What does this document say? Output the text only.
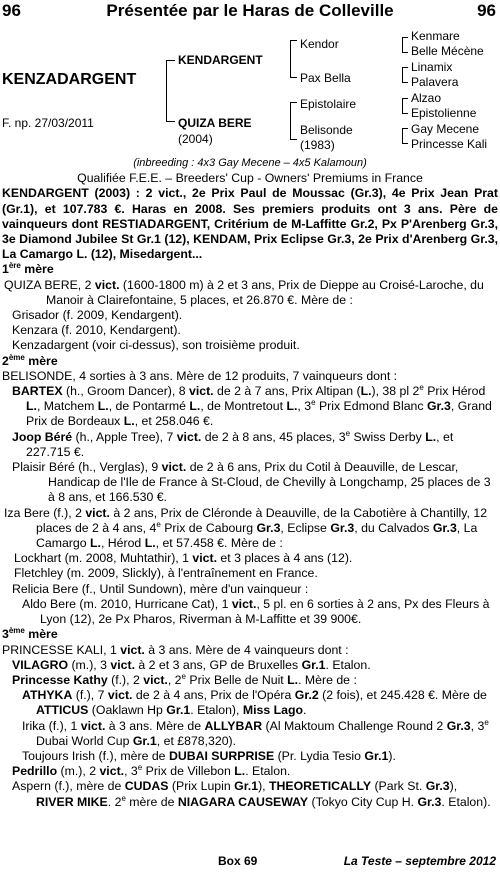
96	Présentée par le Haras de Colleville	96
KENZADARGENT
F. np. 27/03/2011
KENDARGENT
QUIZA BERE
(2004)
Kendor
Pax Bella
Epistolaire
Belisonde
(1983)
Kenmare
Belle Mécène
Linamix
Palavera
Alzao
Epistolienne
Gay Mecene
Princesse Kali

(inbreeding : 4x3 Gay Mecene – 4x5 Kalamoun)

Qualifiée F.E.E. – Breeders' Cup - Owners' Premiums in France

KENDARGENT (2003) : 2 vict., 2e Prix Paul de Moussac (Gr.3), 4e Prix Jean Prat (Gr.1), et 107.783 €. Haras en 2008. Ses premiers produits ont 3 ans. Père de vainqueurs dont RESTIADARGENT, Critérium de M-Laffitte Gr.2, Px P'Arenberg Gr.3, 3e Diamond Jubilee St Gr.1 (12), KENDAM, Prix Eclipse Gr.3, 2e Prix d'Arenberg Gr.3, La Camargo L. (12), Misedargent...

1ère mère

QUIZA BERE, 2 vict. (1600-1800 m) à 2 et 3 ans, Prix de Dieppe au Croisé-Laroche, du Manoir à Clairefontaine, 5 places, et 26.870 €. Mère de :

Grisador (f. 2009, Kendargent).

Kenzara (f. 2010, Kendargent).

Kenzadargent (voir ci-dessus), son troisième produit.

2ème mère

BELISONDE, 4 sorties à 3 ans. Mère de 12 produits, 7 vainqueurs dont :

BARTEX (h., Groom Dancer), 8 vict. de 2 à 7 ans, Prix Altipan (L.), 38 pl 2e Prix Hérod L., Matchem L., de Pontarmé L., de Montretout L., 3e Prix Edmond Blanc Gr.3, Grand Prix de Bordeaux L., et 258.046 €.

Joop Béré (h., Apple Tree), 7 vict. de 2 à 8 ans, 45 places, 3e Swiss Derby L., et 227.715 €.

Plaisir Béré (h., Verglas), 9 vict. de 2 à 6 ans, Prix du Cotil à Deauville, de Lescar, Handicap de l'Ile de France à St-Cloud, de Chevilly à Longchamp, 25 places de 3 à 8 ans, et 166.530 €.

Iza Bere (f.), 2 vict. à 2 ans, Prix de Cléronde à Deauville, de la Cabotière à Chantilly, 12 places de 2 à 4 ans, 4e Prix de Cabourg Gr.3, Eclipse Gr.3, du Calvados Gr.3, La Camargo L., Hérod L., et 57.458 €. Mère de :

Lockhart (m. 2008, Muhtathir), 1 vict. et 3 places à 4 ans (12).

Fletchley (m. 2009, Slickly), à l'entraînement en France.

Relicia Bere (f., Until Sundown), mère d'un vainqueur :

Aldo Bere (m. 2010, Hurricane Cat), 1 vict., 5 pl. en 6 sorties à 2 ans, Px des Fleurs à Lyon (12), 2e Px Pharos, Riverman à M-Laffitte et 39 900€.

3ème mère

PRINCESSE KALI, 1 vict. à 3 ans. Mère de 4 vainqueurs dont :

VILAGRO (m.), 3 vict. à 2 et 3 ans, GP de Bruxelles Gr.1. Etalon.

Princesse Kathy (f.), 2 vict., 2e Prix Belle de Nuit L.. Mère de :

ATHYKA (f.), 7 vict. de 2 à 4 ans, Prix de l'Opéra Gr.2 (2 fois), et 245.428 €. Mère de ATTICUS (Oaklawn Hp Gr.1. Etalon), Miss Lago.

Irika (f.), 1 vict. à 3 ans. Mère de ALLYBAR (Al Maktoum Challenge Round 2 Gr.3, 3e Dubai World Cup Gr.1, et £878,320).

Toujours Irish (f.), mère de DUBAI SURPRISE (Pr. Lydia Tesio Gr.1).

Pedrillo (m.), 2 vict., 3e Prix de Villebon L.. Etalon.

Aspern (f.), mère de CUDAS (Prix Lupin Gr.1), THEORETICALLY (Park St. Gr.3), RIVER MIKE. 2e mère de NIAGARA CAUSEWAY (Tokyo City Cup H. Gr.3. Etalon).

Box 69	La Teste – septembre 2012
